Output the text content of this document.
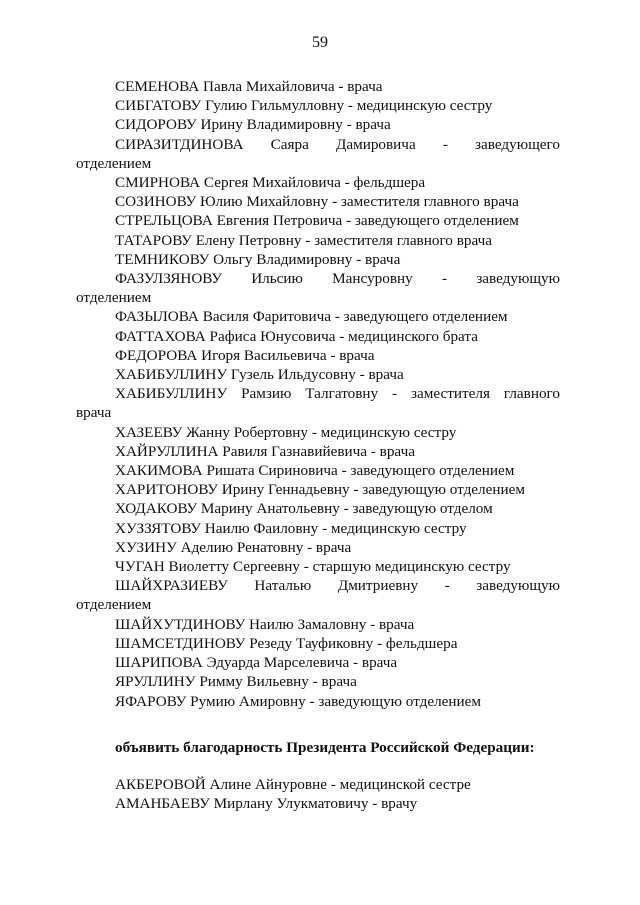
59
СЕМЕНОВА Павла Михайловича - врача
СИБГАТОВУ Гулию Гильмулловну - медицинскую сестру
СИДОРОВУ Ирину Владимировну - врача
СИРАЗИТДИНОВА Саяра Дамировича - заведующего
отделением
СМИРНОВА Сергея Михайловича - фельдшера
СОЗИНОВУ Юлию Михайловну - заместителя главного врача
СТРЕЛЬЦОВА Евгения Петровича - заведующего отделением
ТАТАРОВУ Елену Петровну - заместителя главного врача
ТЕМНИКОВУ Ольгу Владимировну - врача
ФАЗУЛЗЯНОВУ Ильсию Мансуровну - заведующую
отделением
ФАЗЫЛОВА Василя Фаритовича - заведующего отделением
ФАТТАХОВА Рафиса Юнусовича - медицинского брата
ФЕДОРОВА Игоря Васильевича - врача
ХАБИБУЛЛИНУ Гузель Ильдусовну - врача
ХАБИБУЛЛИНУ Рамзию Талгатовну - заместителя главного
врача
ХАЗЕЕВУ Жанну Робертовну - медицинскую сестру
ХАЙРУЛЛИНА Равиля Газнавийевича - врача
ХАКИМОВА Ришата Сириновича - заведующего отделением
ХАРИТОНОВУ Ирину Геннадьевну - заведующую отделением
ХОДАКОВУ Марину Анатольевну - заведующую отделом
ХУЗЗЯТОВУ Наилю Фаиловну - медицинскую сестру
ХУЗИНУ Аделию Ренатовну - врача
ЧУГАН Виолетту Сергеевну - старшую медицинскую сестру
ШАЙХРАЗИЕВУ Наталью Дмитриевну - заведующую
отделением
ШАЙХУТДИНОВУ Наилю Замаловну - врача
ШАМСЕТДИНОВУ Резеду Тауфиковну - фельдшера
ШАРИПОВА Эдуарда Марселевича - врача
ЯРУЛЛИНУ Римму Вильевну - врача
ЯФАРОВУ Румию Амировну - заведующую отделением
объявить благодарность Президента Российской Федерации:
АКБЕРОВОЙ Алине Айнуровне - медицинской сестре
АМАНБАЕВУ Мирлану Улукматовичу - врачу
